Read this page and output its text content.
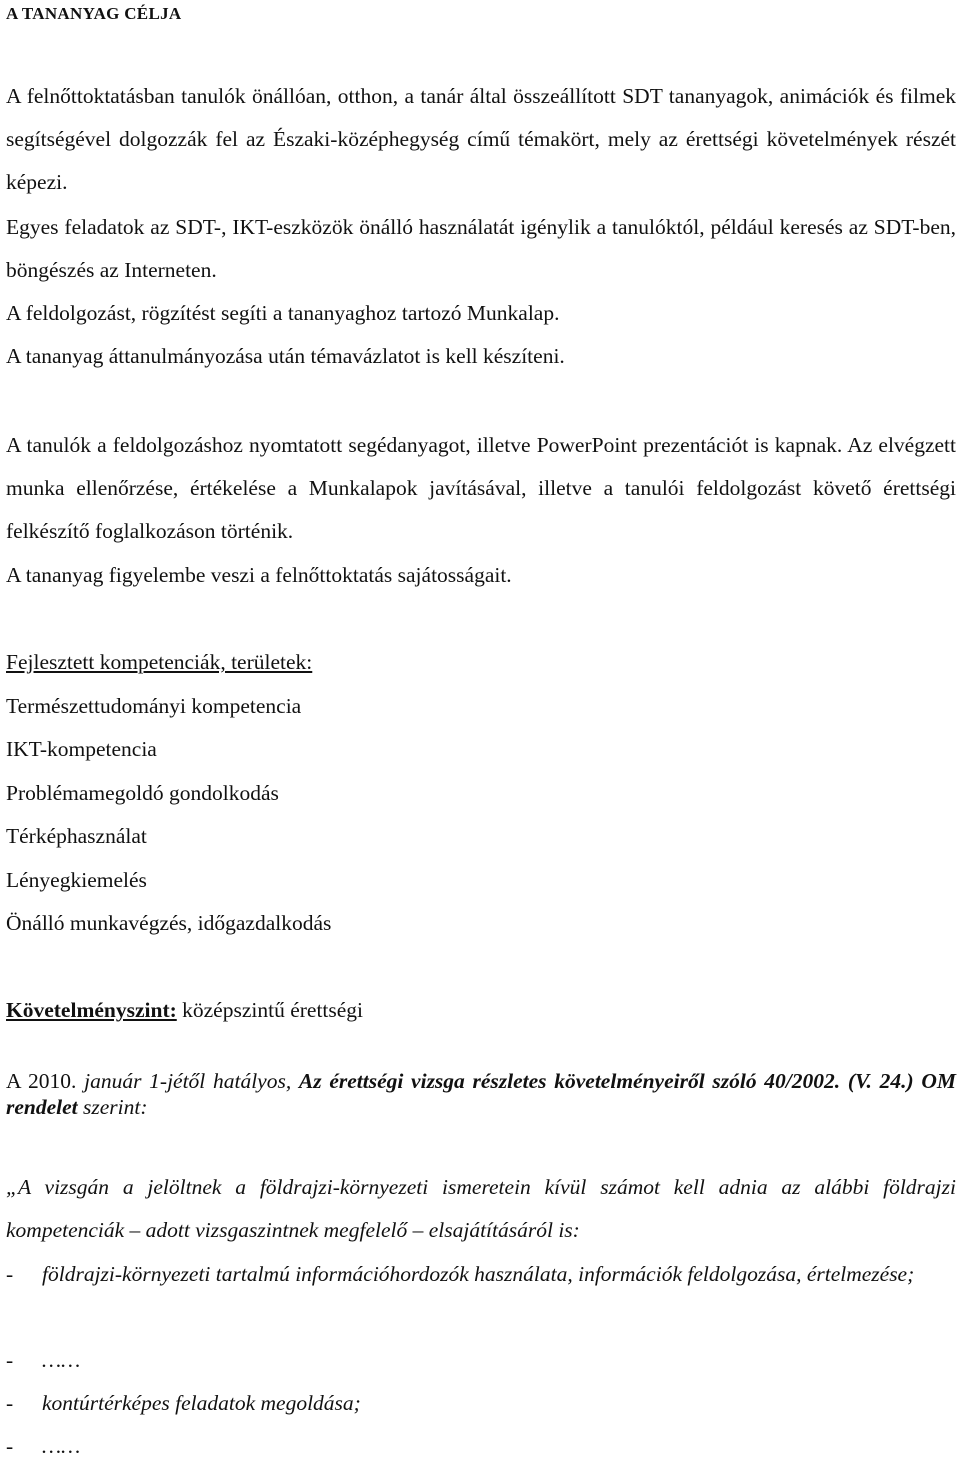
A TANANYAG CÉLJA
A felnőttoktatásban tanulók önállóan, otthon, a tanár által összeállított SDT tananyagok, animációk és filmek segítségével dolgozzák fel az Északi-középhegység című témakört, mely az érettségi követelmények részét képezi.
Egyes feladatok az SDT-, IKT-eszközök önálló használatát igénylik a tanulóktól, például keresés az SDT-ben, böngészés az Interneten.
A feldolgozást, rögzítést segíti a tananyaghoz tartozó Munkalap.
A tananyag áttanulmányozása után témavázlatot is kell készíteni.
A tanulók a feldolgozáshoz nyomtatott segédanyagot, illetve PowerPoint prezentációt is kapnak. Az elvégzett munka ellenőrzése, értékelése a Munkalapok javításával, illetve a tanulói feldolgozást követő érettségi felkészítő foglalkozáson történik.
A tananyag figyelembe veszi a felnőttoktatás sajátosságait.
Fejlesztett kompetenciák, területek:
Természettudományi kompetencia
IKT-kompetencia
Problémamegoldó gondolkodás
Térképhasználat
Lényegkiemelés
Önálló munkavégzés, időgazdalkodás
Követelményszint: középszintű érettségi
A 2010. január 1-jétől hatályos, Az érettségi vizsga részletes követelményeiről szóló 40/2002. (V. 24.) OM rendelet szerint:
„A vizsgán a jelöltnek a földrajzi-környezeti ismeretein kívül számot kell adnia az alábbi földrajzi kompetenciák – adott vizsgaszintnek megfelelő – elsajátításáról is:
- földrajzi-környezeti tartalmú információhordozók használata, információk feldolgozása, értelmezése;
- ……
- kontúrtérképes feladatok megoldása;
- ……
